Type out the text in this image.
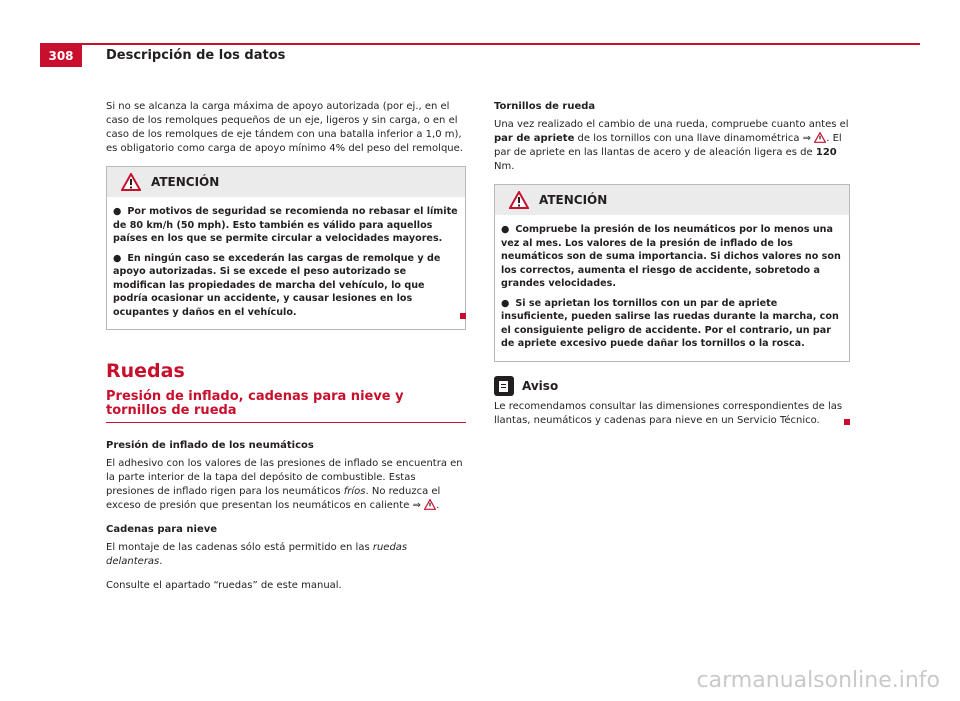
308	Descripción de los datos

Si no se alcanza la carga máxima de apoyo autorizada (por ej., en el caso de los remolques pequeños de un eje, ligeros y sin carga, o en el caso de los remolques de eje tándem con una batalla inferior a 1,0 m), es obligatorio como carga de apoyo mínimo 4% del peso del remolque.

ATENCIÓN

● Por motivos de seguridad se recomienda no rebasar el límite de 80 km/h (50 mph). Esto también es válido para aquellos países en los que se permite circular a velocidades mayores.

● En ningún caso se excederán las cargas de remolque y de apoyo autorizadas. Si se excede el peso autorizado se modifican las propiedades de marcha del vehículo, lo que podría ocasionar un accidente, y causar lesiones en los ocupantes y daños en el vehículo.

Ruedas
Presión de inflado, cadenas para nieve y tornillos de rueda

Presión de inflado de los neumáticos

El adhesivo con los valores de las presiones de inflado se encuentra en la parte interior de la tapa del depósito de combustible. Estas presiones de inflado rigen para los neumáticos fríos. No reduzca el exceso de presión que presentan los neumáticos en caliente ⇒ .

Cadenas para nieve

El montaje de las cadenas sólo está permitido en las ruedas delanteras.

Consulte el apartado “ruedas” de este manual.

Tornillos de rueda

Una vez realizado el cambio de una rueda, compruebe cuanto antes el par de apriete de los tornillos con una llave dinamométrica ⇒ . El par de apriete en las llantas de acero y de aleación ligera es de 120 Nm.

ATENCIÓN

● Compruebe la presión de los neumáticos por lo menos una vez al mes. Los valores de la presión de inflado de los neumáticos son de suma importancia. Si dichos valores no son los correctos, aumenta el riesgo de accidente, sobretodo a grandes velocidades.

● Si se aprietan los tornillos con un par de apriete insuficiente, pueden salirse las ruedas durante la marcha, con el consiguiente peligro de accidente. Por el contrario, un par de apriete excesivo puede dañar los tornillos o la rosca.

Aviso

Le recomendamos consultar las dimensiones correspondientes de las llantas, neumáticos y cadenas para nieve en un Servicio Técnico.

carmanualsonline.info
